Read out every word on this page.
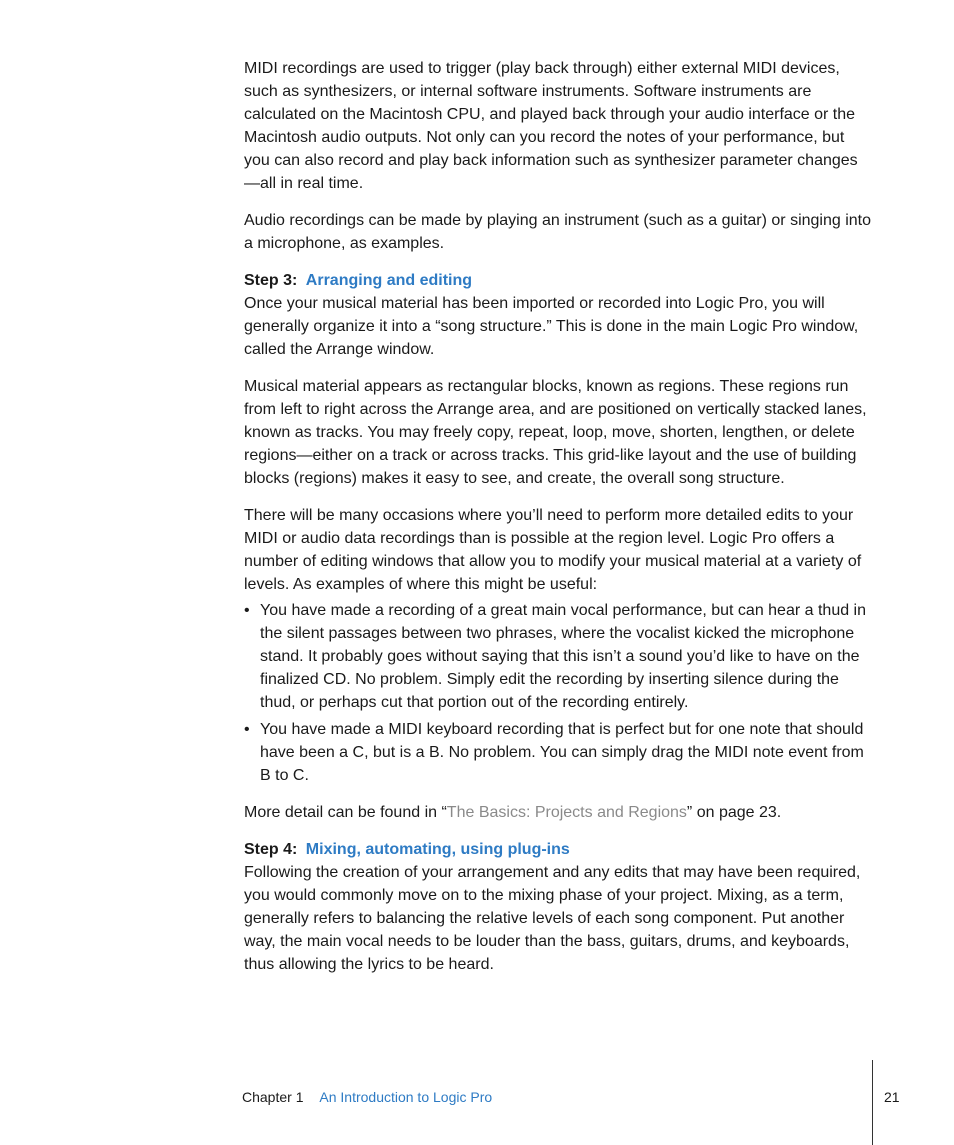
MIDI recordings are used to trigger (play back through) either external MIDI devices, such as synthesizers, or internal software instruments. Software instruments are calculated on the Macintosh CPU, and played back through your audio interface or the Macintosh audio outputs. Not only can you record the notes of your performance, but you can also record and play back information such as synthesizer parameter changes—all in real time.

Audio recordings can be made by playing an instrument (such as a guitar) or singing into a microphone, as examples.

Step 3: Arranging and editing

Once your musical material has been imported or recorded into Logic Pro, you will generally organize it into a “song structure.” This is done in the main Logic Pro window, called the Arrange window.

Musical material appears as rectangular blocks, known as regions. These regions run from left to right across the Arrange area, and are positioned on vertically stacked lanes, known as tracks. You may freely copy, repeat, loop, move, shorten, lengthen, or delete regions—either on a track or across tracks. This grid-like layout and the use of building blocks (regions) makes it easy to see, and create, the overall song structure.

There will be many occasions where you’ll need to perform more detailed edits to your MIDI or audio data recordings than is possible at the region level. Logic Pro offers a number of editing windows that allow you to modify your musical material at a variety of levels. As examples of where this might be useful:

• You have made a recording of a great main vocal performance, but can hear a thud in the silent passages between two phrases, where the vocalist kicked the microphone stand. It probably goes without saying that this isn’t a sound you’d like to have on the finalized CD. No problem. Simply edit the recording by inserting silence during the thud, or perhaps cut that portion out of the recording entirely.
• You have made a MIDI keyboard recording that is perfect but for one note that should have been a C, but is a B. No problem. You can simply drag the MIDI note event from B to C.

More detail can be found in “The Basics: Projects and Regions” on page 23.

Step 4: Mixing, automating, using plug-ins

Following the creation of your arrangement and any edits that may have been required, you would commonly move on to the mixing phase of your project. Mixing, as a term, generally refers to balancing the relative levels of each song component. Put another way, the main vocal needs to be louder than the bass, guitars, drums, and keyboards, thus allowing the lyrics to be heard.

Chapter 1 An Introduction to Logic Pro	21
